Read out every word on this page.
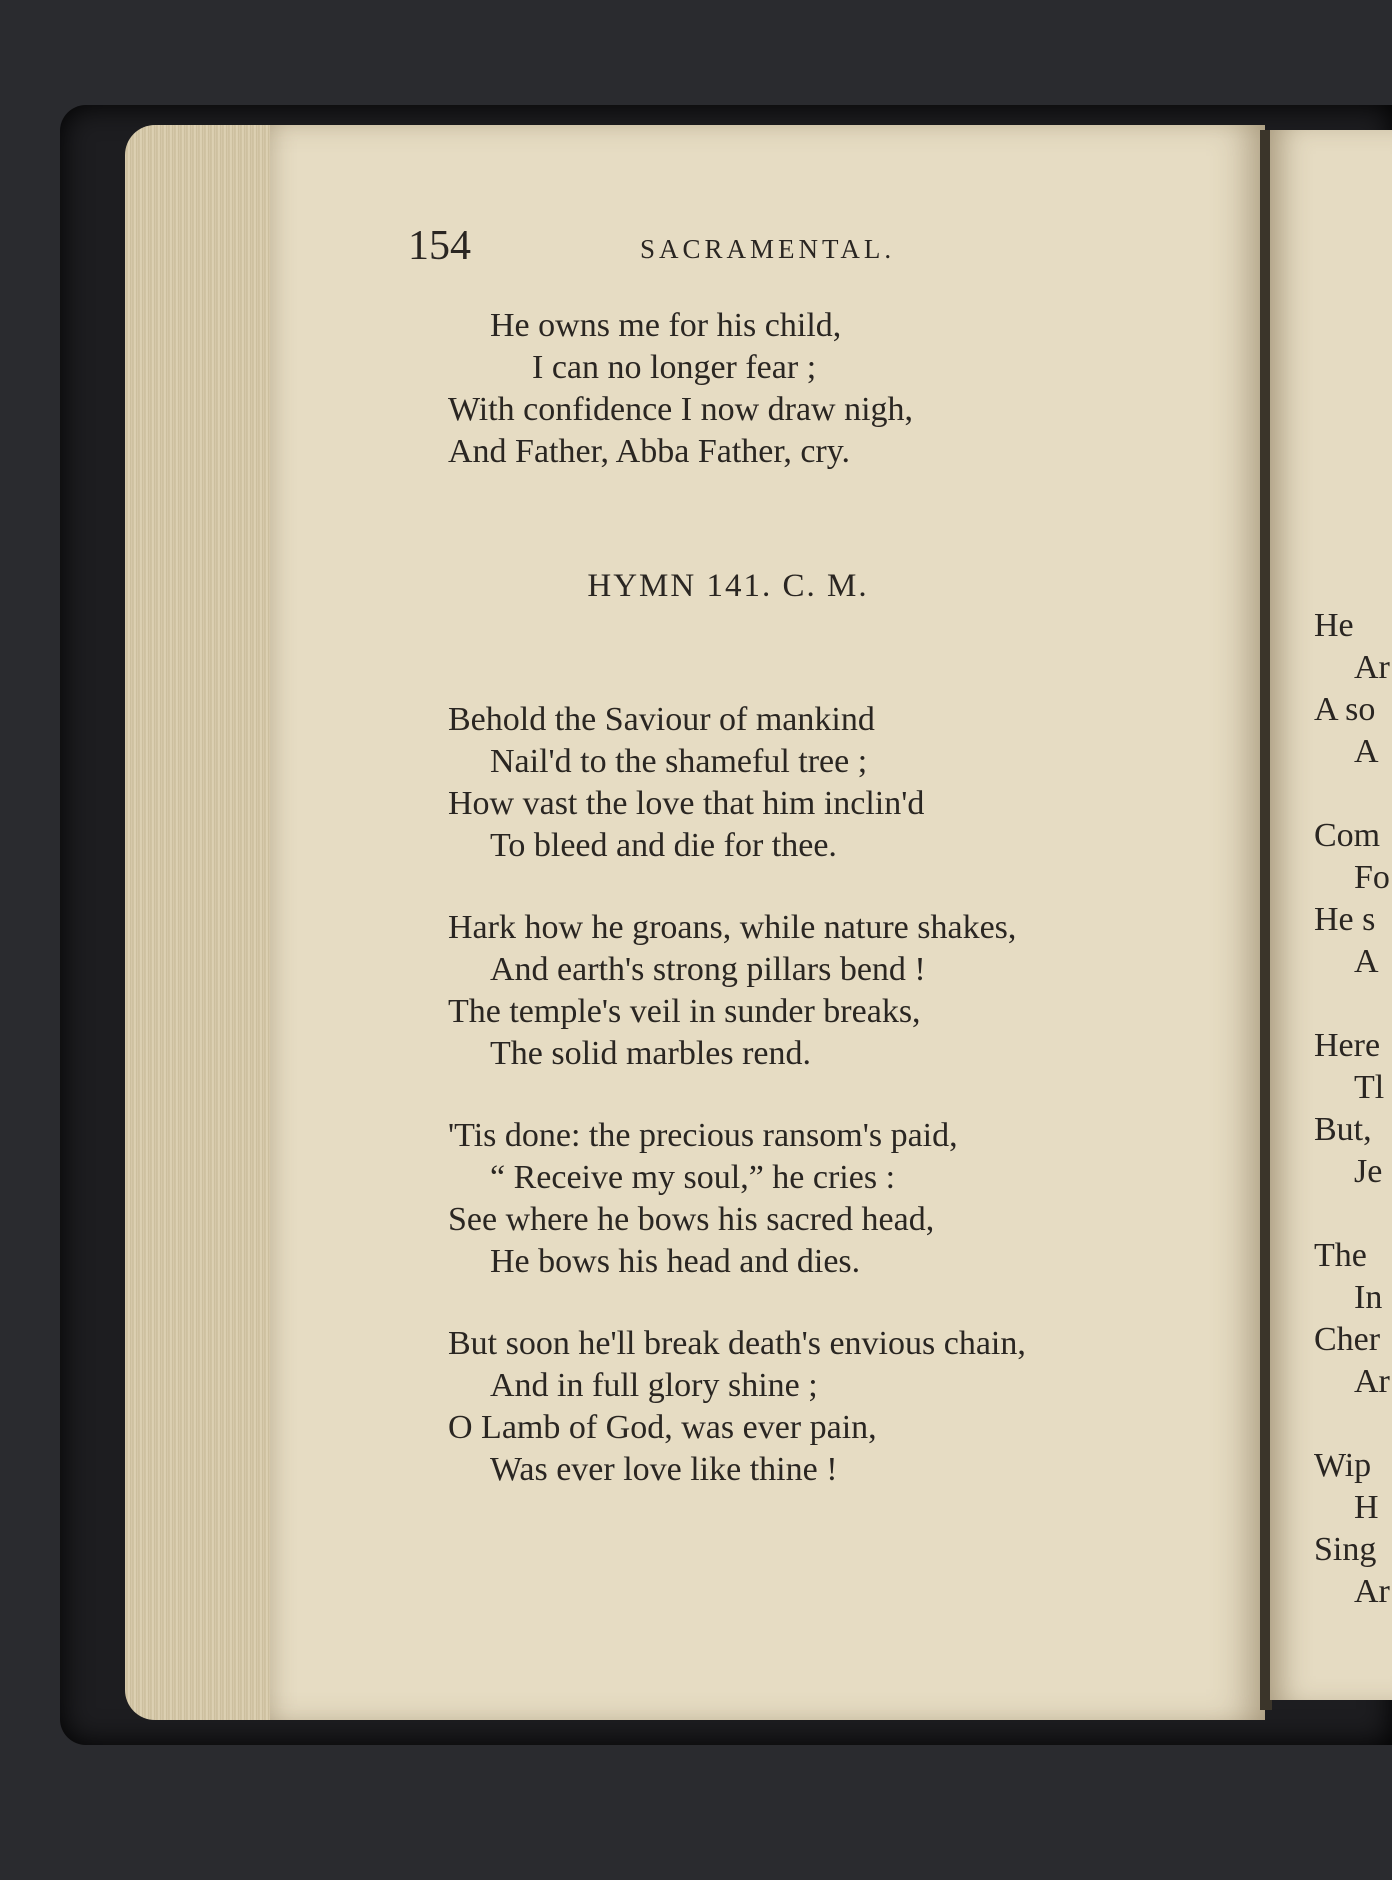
154	SACRAMENTAL.
He owns me for his child,
I can no longer fear ;
With confidence I now draw nigh,
And Father, Abba Father, cry.
HYMN 141. C. M.
Behold the Saviour of mankind
Nail'd to the shameful tree ;
How vast the love that him inclin'd
To bleed and die for thee.
Hark how he groans, while nature shakes,
And earth's strong pillars bend !
The temple's veil in sunder breaks,
The solid marbles rend.
'Tis done: the precious ransom's paid,
“ Receive my soul,” he cries :
See where he bows his sacred head,
He bows his head and dies.
But soon he'll break death's envious chain,
And in full glory shine ;
O Lamb of God, was ever pain,
Was ever love like thine !
He
Ar
A so
A
Com
Fo
He s
A
Here
Tl
But,
Je
The
In
Cher
Ar
Wip
H
Sing
Ar
